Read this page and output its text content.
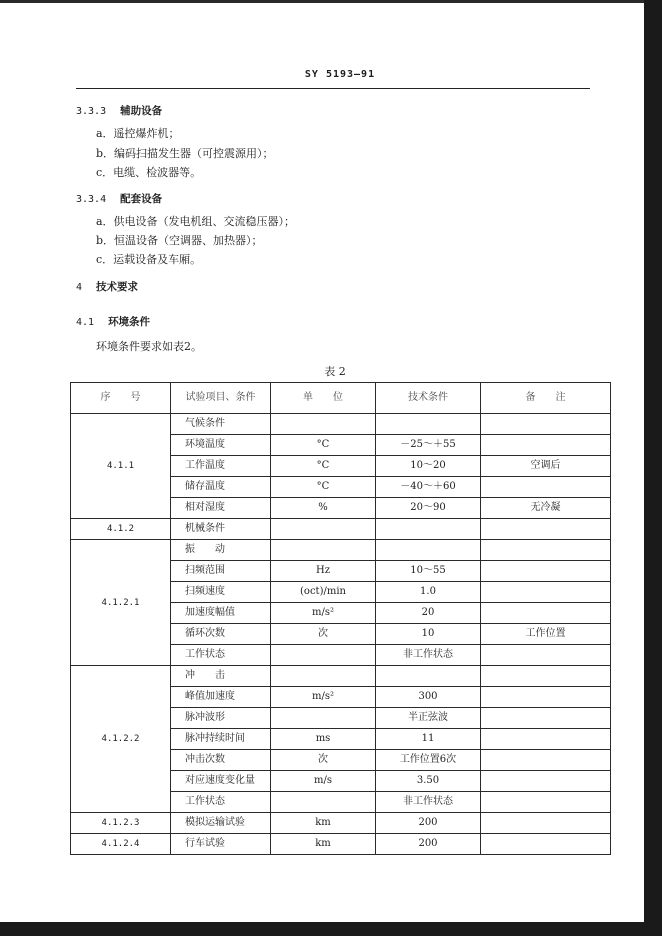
SY 5193—91
3.3.3 辅助设备
a．遥控爆炸机；
b．编码扫描发生器（可控震源用）；
c．电缆、检波器等。
3.3.4 配套设备
a．供电设备（发电机组、交流稳压器）；
b．恒温设备（空调器、加热器）；
c．运载设备及车厢。
4 技术要求
4.1 环境条件
环境条件要求如表2。
表 2
序　　号	试验项目、条件	单　　位	技术条件	备　　注
4.1.1	气候条件			
	环境温度	°C	－25～＋55	
	工作温度	°C	10～20	空调后
	储存温度	°C	－40～＋60	
	相对湿度	%	20～90	无冷凝
4.1.2	机械条件			
4.1.2.1	振　　动			
	扫频范围	Hz	10～55	
	扫频速度	(oct)/min	1.0	
	加速度幅值	m/s²	20	
	循环次数	次	10	工作位置
	工作状态		非工作状态	
4.1.2.2	冲　　击			
	峰值加速度	m/s²	300	
	脉冲波形		半正弦波	
	脉冲持续时间	ms	11	
	冲击次数	次	工作位置6次	
	对应速度变化量	m/s	3.50	
	工作状态		非工作状态	
4.1.2.3	模拟运输试验	km	200	
4.1.2.4	行车试验	km	200	
